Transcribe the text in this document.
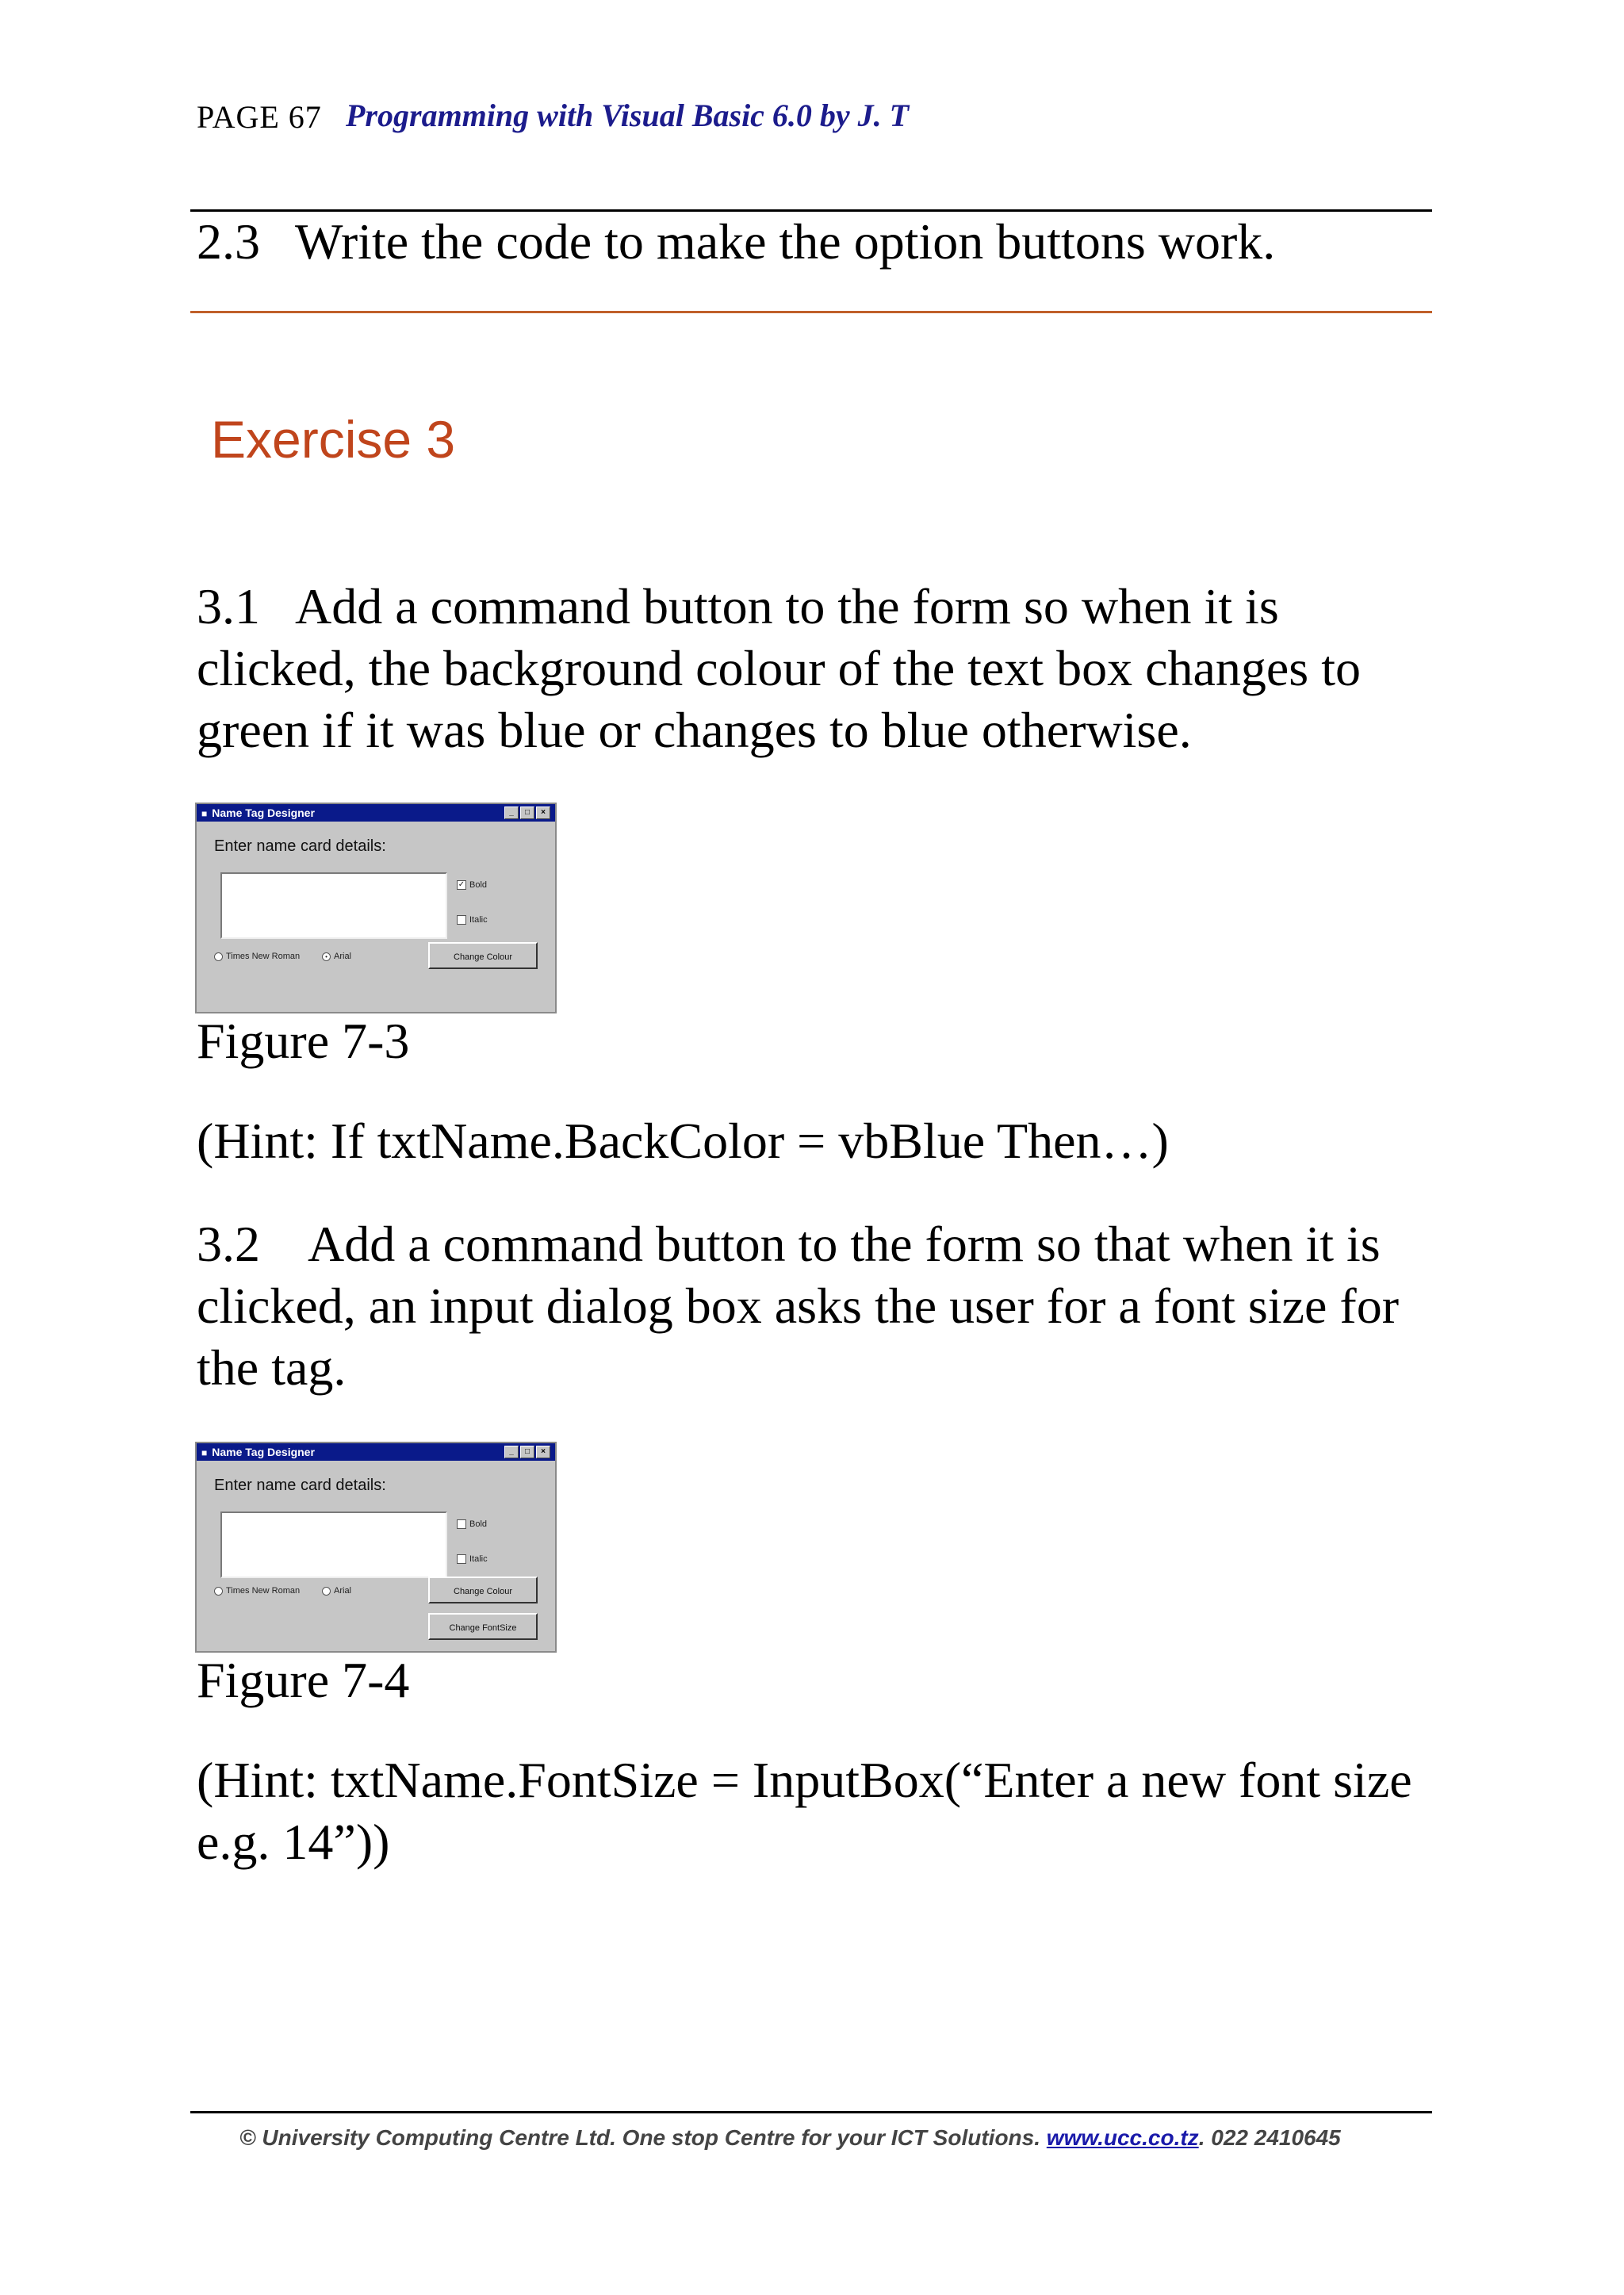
PAGE 67 Programming with Visual Basic 6.0 by J. T
2.3 Write the code to make the option buttons work.
Exercise 3
3.1 Add a command button to the form so when it is clicked, the background colour of the text box changes to green if it was blue or changes to blue otherwise.
■ Name Tag Designer	_	□	×
Enter name card details:
✓ Bold
Italic
Times New Roman	• Arial	Change Colour
Figure 7-3
(Hint: If txtName.BackColor = vbBlue Then…)
3.2 Add a command button to the form so that when it is clicked, an input dialog box asks the user for a font size for the tag.
■ Name Tag Designer	_	□	×
Enter name card details:
Bold
Italic
Times New Roman	Arial	Change Colour
Change FontSize
Figure 7-4
(Hint: txtName.FontSize = InputBox(“Enter a new font size e.g. 14”))
© University Computing Centre Ltd. One stop Centre for your ICT Solutions. www.ucc.co.tz. 022 2410645
